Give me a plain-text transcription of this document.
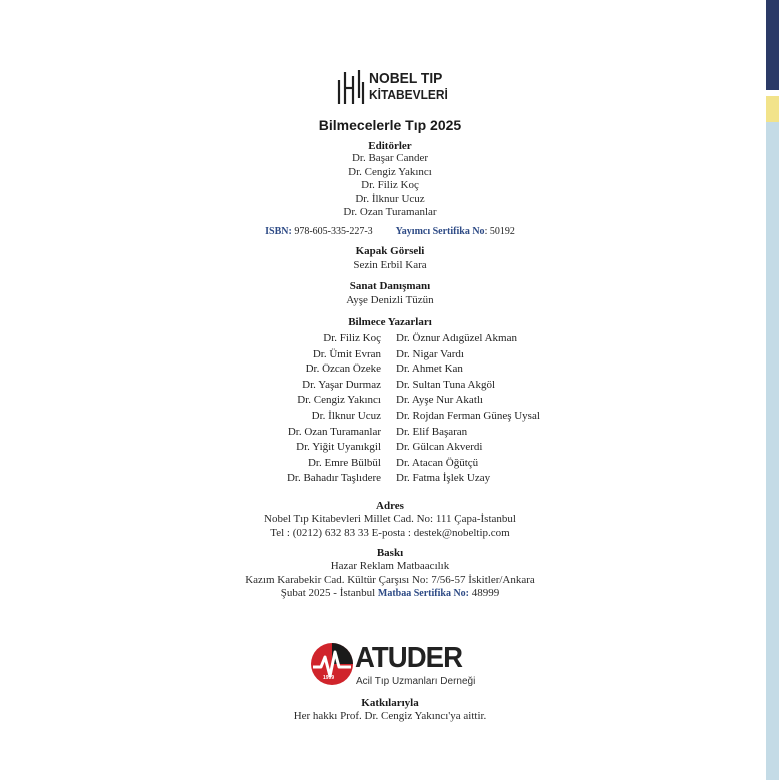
NOBEL TIP
KİTABEVLERİ
Bilmecelerle Tıp 2025
Editörler
Dr. Başar Cander
Dr. Cengiz Yakıncı
Dr. Filiz Koç
Dr. İlknur Ucuz
Dr. Ozan Turamanlar
ISBN: 978-605-335-227-3 Yayımcı Sertifika No: 50192
Kapak Görseli
Sezin Erbil Kara
Sanat Danışmanı
Ayşe Denizli Tüzün
Bilmece Yazarları
Dr. Filiz Koç Dr. Öznur Adıgüzel Akman
Dr. Ümit Evran Dr. Nigar Vardı
Dr. Özcan Özeke Dr. Ahmet Kan
Dr. Yaşar Durmaz Dr. Sultan Tuna Akgöl
Dr. Cengiz Yakıncı Dr. Ayşe Nur Akatlı
Dr. İlknur Ucuz Dr. Rojdan Ferman Güneş Uysal
Dr. Ozan Turamanlar Dr. Elif Başaran
Dr. Yiğit Uyanıkgil Dr. Gülcan Akverdi
Dr. Emre Bülbül Dr. Atacan Öğütçü
Dr. Bahadır Taşlıdere Dr. Fatma İşlek Uzay
Adres
Nobel Tıp Kitabevleri Millet Cad. No: 111 Çapa-İstanbul
Tel : (0212) 632 83 33 E-posta : destek@nobeltip.com
Baskı
Hazar Reklam Matbaacılık
Kazım Karabekir Cad. Kültür Çarşısı No: 7/56-57 İskitler/Ankara
Şubat 2025 - İstanbul Matbaa Sertifika No: 48999
1999
ATUDER
Acil Tıp Uzmanları Derneği
Katkılarıyla
Her hakkı Prof. Dr. Cengiz Yakıncı'ya aittir.
